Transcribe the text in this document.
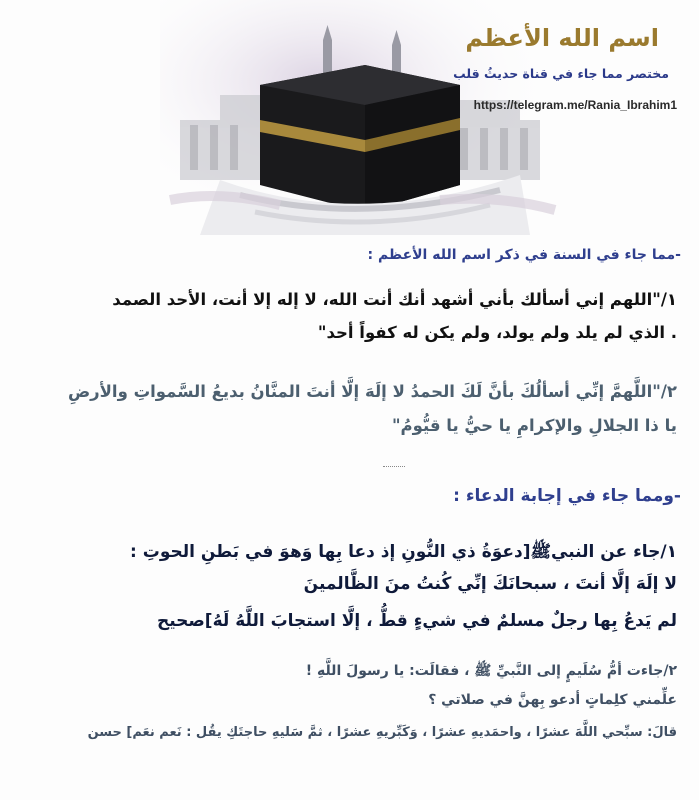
اسم الله الأعظم
مختصر مما جاء في قناة حديثُ قلب
https://telegram.me/Rania_Ibrahim1
-مما جاء في السنة في ذكر اسم الله الأعظم :
١/"اللهم إني أسألك بأني أشهد أنك أنت الله، لا إله إلا أنت، الأحد الصمد
. الذي لم يلد ولم يولد، ولم يكن له كفواً أحد"
٢/"اللَّهمَّ إنِّي أسألُكَ بأنَّ لَكَ الحمدُ لا إلَهَ إلَّا أنتَ المنَّانُ بديعُ السَّمواتِ والأرضِ
يا ذا الجلالِ والإكرامِ يا حيُّ يا قيُّومُ"
-ومما جاء في إجابة الدعاء :
١/جاء عن النبيﷺ[دعوَةُ ذي النُّونِ إذ دعا بِها وَهوَ في بَطنِ الحوتِ :
لا إلَهَ إلَّا أنتَ ، سبحانَكَ إنِّي كُنتُ منَ الظَّالمينَ
لم يَدعُ بِها رجلٌ مسلمٌ في شيءٍ قطُّ ، إلَّا استجابَ اللَّهُ لَهُ]صحيح
٢/جاءت أمُّ سُلَيمٍ إلى النَّبيِّ ﷺ ، فقالَت: يا رسولَ اللَّهِ !
علِّمني كلِماتٍ أدعو بِهنَّ في صلاتي ؟
قالَ: سبِّحي اللَّهَ عشرًا ، واحمَديهِ عشرًا ، وَكَبِّريهِ عشرًا ، ثمَّ سَليهِ حاجتَكِ يقُل : نَعم نعَم] حسن
